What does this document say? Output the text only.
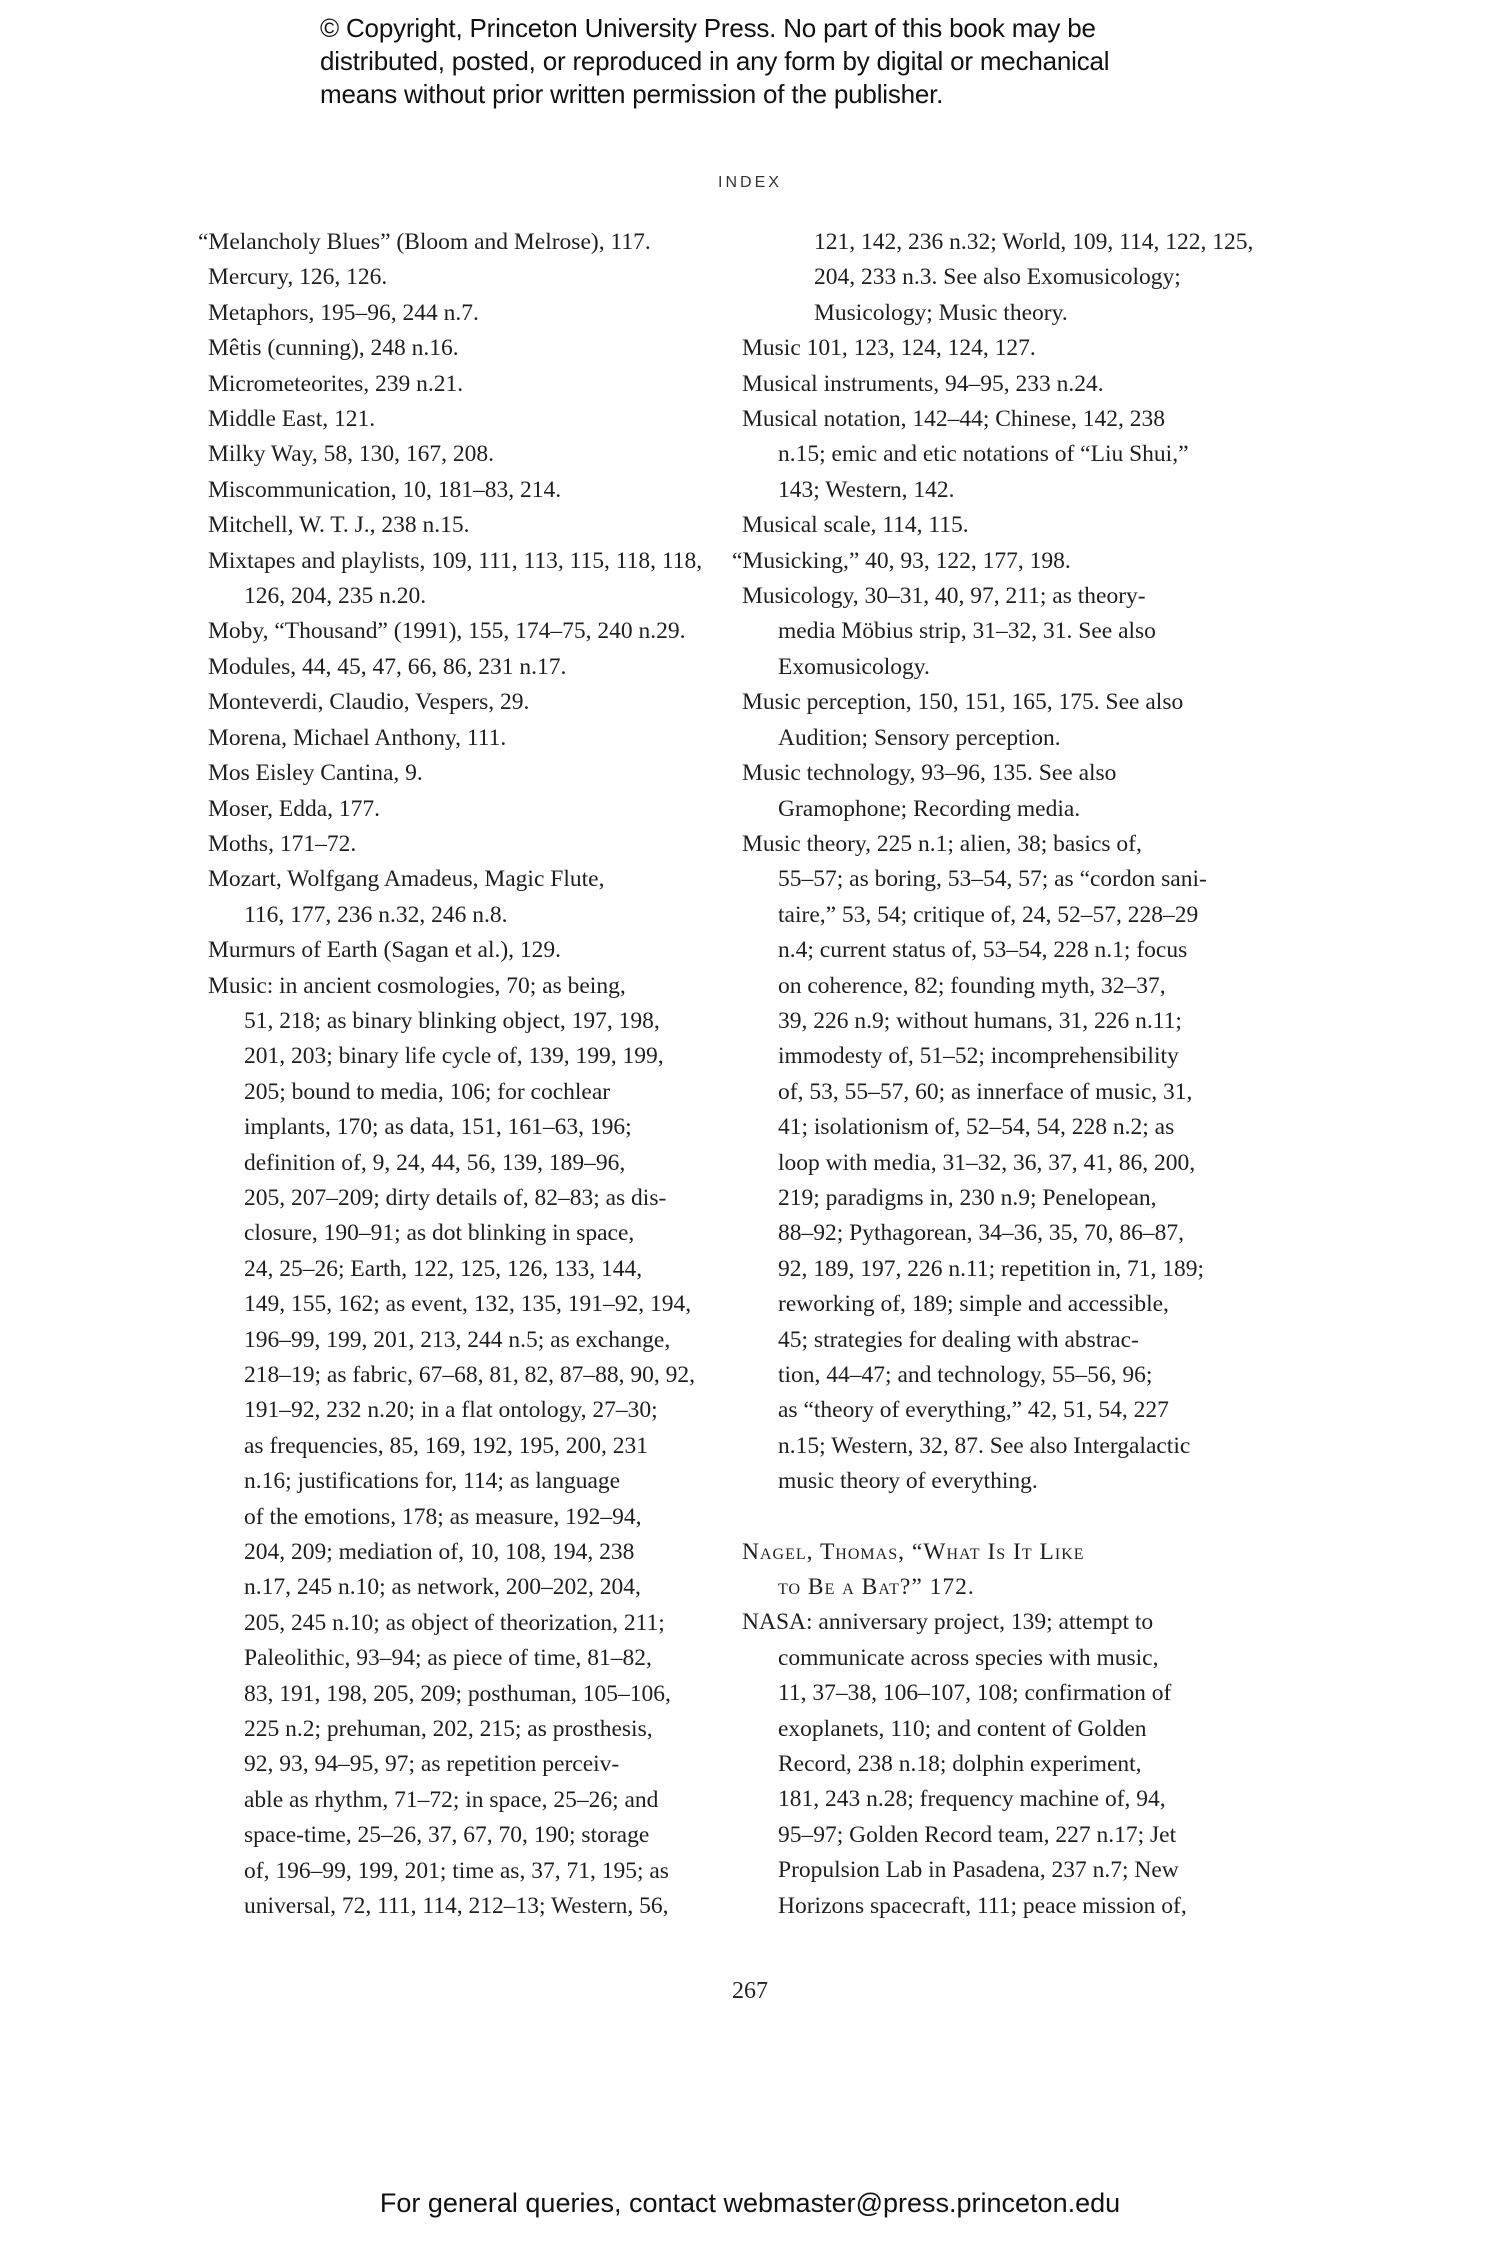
© Copyright, Princeton University Press. No part of this book may be
distributed, posted, or reproduced in any form by digital or mechanical
means without prior written permission of the publisher.
INDEX
“Melancholy Blues” (Bloom and Melrose), 117.
Mercury, 126, 126.
Metaphors, 195–96, 244 n.7.
Mêtis (cunning), 248 n.16.
Micrometeorites, 239 n.21.
Middle East, 121.
Milky Way, 58, 130, 167, 208.
Miscommunication, 10, 181–83, 214.
Mitchell, W. T. J., 238 n.15.
Mixtapes and playlists, 109, 111, 113, 115, 118, 118,
126, 204, 235 n.20.
Moby, “Thousand” (1991), 155, 174–75, 240 n.29.
Modules, 44, 45, 47, 66, 86, 231 n.17.
Monteverdi, Claudio, Vespers, 29.
Morena, Michael Anthony, 111.
Mos Eisley Cantina, 9.
Moser, Edda, 177.
Moths, 171–72.
Mozart, Wolfgang Amadeus, Magic Flute,
116, 177, 236 n.32, 246 n.8.
Murmurs of Earth (Sagan et al.), 129.
Music: in ancient cosmologies, 70; as being,
51, 218; as binary blinking object, 197, 198,
201, 203; binary life cycle of, 139, 199, 199,
205; bound to media, 106; for cochlear
implants, 170; as data, 151, 161–63, 196;
definition of, 9, 24, 44, 56, 139, 189–96,
205, 207–209; dirty details of, 82–83; as dis-
closure, 190–91; as dot blinking in space,
24, 25–26; Earth, 122, 125, 126, 133, 144,
149, 155, 162; as event, 132, 135, 191–92, 194,
196–99, 199, 201, 213, 244 n.5; as exchange,
218–19; as fabric, 67–68, 81, 82, 87–88, 90, 92,
191–92, 232 n.20; in a flat ontology, 27–30;
as frequencies, 85, 169, 192, 195, 200, 231
n.16; justifications for, 114; as language
of the emotions, 178; as measure, 192–94,
204, 209; mediation of, 10, 108, 194, 238
n.17, 245 n.10; as network, 200–202, 204,
205, 245 n.10; as object of theorization, 211;
Paleolithic, 93–94; as piece of time, 81–82,
83, 191, 198, 205, 209; posthuman, 105–106,
225 n.2; prehuman, 202, 215; as prosthesis,
92, 93, 94–95, 97; as repetition perceiv-
able as rhythm, 71–72; in space, 25–26; and
space-time, 25–26, 37, 67, 70, 190; storage
of, 196–99, 199, 201; time as, 37, 71, 195; as
universal, 72, 111, 114, 212–13; Western, 56,
121, 142, 236 n.32; World, 109, 114, 122, 125,
204, 233 n.3. See also Exomusicology;
Musicology; Music theory.
Music 101, 123, 124, 124, 127.
Musical instruments, 94–95, 233 n.24.
Musical notation, 142–44; Chinese, 142, 238
n.15; emic and etic notations of “Liu Shui,”
143; Western, 142.
Musical scale, 114, 115.
“Musicking,” 40, 93, 122, 177, 198.
Musicology, 30–31, 40, 97, 211; as theory-
media Möbius strip, 31–32, 31. See also
Exomusicology.
Music perception, 150, 151, 165, 175. See also
Audition; Sensory perception.
Music technology, 93–96, 135. See also
Gramophone; Recording media.
Music theory, 225 n.1; alien, 38; basics of,
55–57; as boring, 53–54, 57; as “cordon sani-
taire,” 53, 54; critique of, 24, 52–57, 228–29
n.4; current status of, 53–54, 228 n.1; focus
on coherence, 82; founding myth, 32–37,
39, 226 n.9; without humans, 31, 226 n.11;
immodesty of, 51–52; incomprehensibility
of, 53, 55–57, 60; as innerface of music, 31,
41; isolationism of, 52–54, 54, 228 n.2; as
loop with media, 31–32, 36, 37, 41, 86, 200,
219; paradigms in, 230 n.9; Penelopean,
88–92; Pythagorean, 34–36, 35, 70, 86–87,
92, 189, 197, 226 n.11; repetition in, 71, 189;
reworking of, 189; simple and accessible,
45; strategies for dealing with abstrac-
tion, 44–47; and technology, 55–56, 96;
as “theory of everything,” 42, 51, 54, 227
n.15; Western, 32, 87. See also Intergalactic
music theory of everything.
Nagel, Thomas, “What Is It Like
to Be a Bat?” 172.
NASA: anniversary project, 139; attempt to
communicate across species with music,
11, 37–38, 106–107, 108; confirmation of
exoplanets, 110; and content of Golden
Record, 238 n.18; dolphin experiment,
181, 243 n.28; frequency machine of, 94,
95–97; Golden Record team, 227 n.17; Jet
Propulsion Lab in Pasadena, 237 n.7; New
Horizons spacecraft, 111; peace mission of,
267
For general queries, contact webmaster@press.princeton.edu
